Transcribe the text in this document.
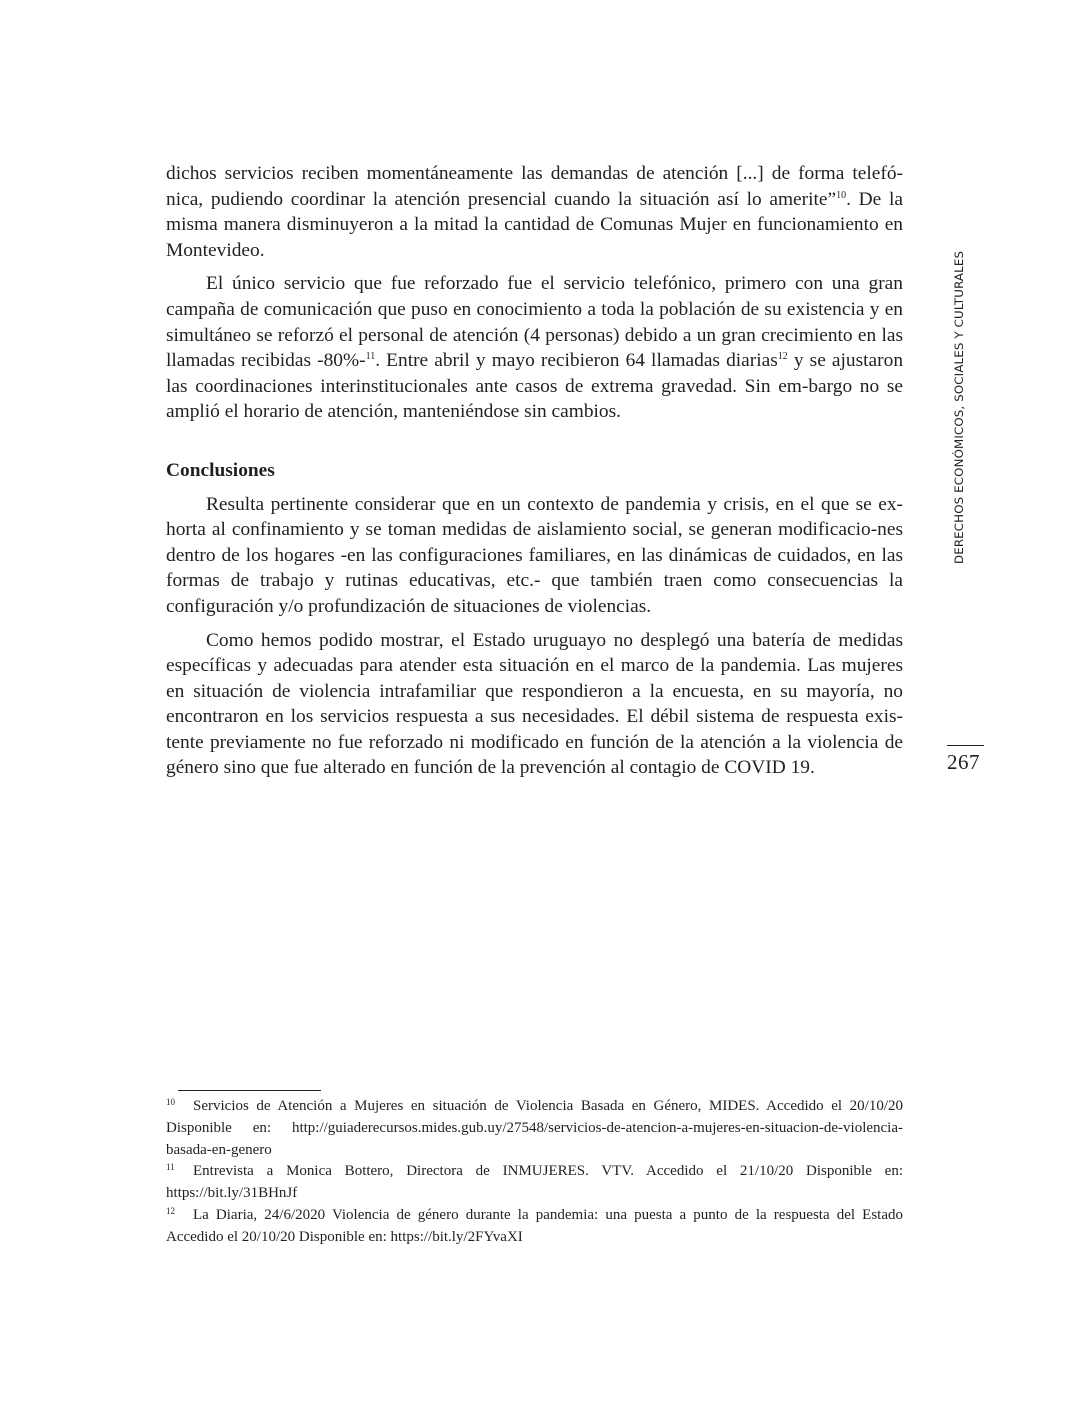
dichos servicios reciben momentáneamente las demandas de atención [...] de forma telefó-nica, pudiendo coordinar la atención presencial cuando la situación así lo amerite”$^{10}$. De la misma manera disminuyeron a la mitad la cantidad de Comunas Mujer en funcionamiento en Montevideo.

El único servicio que fue reforzado fue el servicio telefónico, primero con una gran campaña de comunicación que puso en conocimiento a toda la población de su existencia y en simultáneo se reforzó el personal de atención (4 personas) debido a un gran crecimiento en las llamadas recibidas -80%-$^{11}$. Entre abril y mayo recibieron 64 llamadas diarias$^{12}$ y se ajustaron las coordinaciones interinstitucionales ante casos de extrema gravedad. Sin em-bargo no se amplió el horario de atención, manteniéndose sin cambios.

Conclusiones

Resulta pertinente considerar que en un contexto de pandemia y crisis, en el que se ex-horta al confinamiento y se toman medidas de aislamiento social, se generan modificacio-nes dentro de los hogares -en las configuraciones familiares, en las dinámicas de cuidados, en las formas de trabajo y rutinas educativas, etc.- que también traen como consecuencias la configuración y/o profundización de situaciones de violencias.

Como hemos podido mostrar, el Estado uruguayo no desplegó una batería de medidas específicas y adecuadas para atender esta situación en el marco de la pandemia. Las mujeres en situación de violencia intrafamiliar que respondieron a la encuesta, en su mayoría, no encontraron en los servicios respuesta a sus necesidades. El débil sistema de respuesta exis-tente previamente no fue reforzado ni modificado en función de la atención a la violencia de género sino que fue alterado en función de la prevención al contagio de COVID 19.

DERECHOS ECONÓMICOS, SOCIALES Y CULTURALES
267

10 Servicios de Atención a Mujeres en situación de Violencia Basada en Género, MIDES. Accedido el 20/10/20 Disponible en: http://guiaderecursos.mides.gub.uy/27548/servicios-de-atencion-a-mujeres-en-situacion-de-violencia-basada-en-genero

11 Entrevista a Monica Bottero, Directora de INMUJERES. VTV. Accedido el 21/10/20 Disponible en: https://bit.ly/31BHnJf

12 La Diaria, 24/6/2020 Violencia de género durante la pandemia: una puesta a punto de la respuesta del Estado Accedido el 20/10/20 Disponible en: https://bit.ly/2FYvaXI
